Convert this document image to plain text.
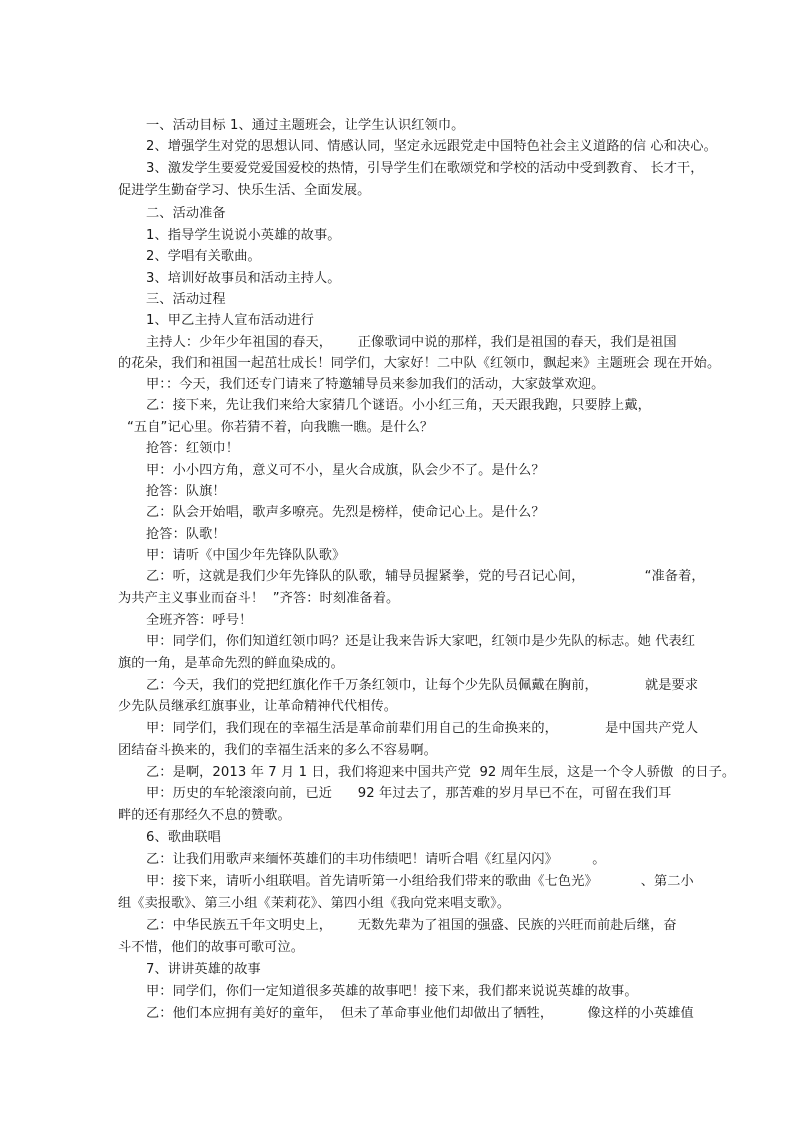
一、活动目标 1、通过主题班会，让学生认识红领巾。
2、增强学生对党的思想认同、情感认同，坚定永远跟党走中国特色社会主义道路的信 心和决心。
3、激发学生要爱党爱国爱校的热情，引导学生们在歌颂党和学校的活动中受到教育、 长才干，
促进学生勤奋学习、快乐生活、全面发展。
二、活动准备
1、指导学生说说小英雄的故事。
2、学唱有关歌曲。
3、培训好故事员和活动主持人。
三、活动过程
1、甲乙主持人宣布活动进行
主持人：少年少年祖国的春天，      正像歌词中说的那样，我们是祖国的春天，我们是祖国
的花朵，我们和祖国一起茁壮成长！同学们，大家好！二中队《红领巾，飘起来》主题班会 现在开始。
甲：：今天，我们还专门请来了特邀辅导员来参加我们的活动，大家鼓掌欢迎。
乙：接下来，先让我们来给大家猜几个谜语。小小红三角，天天跟我跑，只要脖上戴，
“五自”记心里。你若猜不着，向我瞧一瞧。是什么？
抢答：红领巾！
甲：小小四方角，意义可不小，星火合成旗，队会少不了。是什么？
抢答：队旗！
乙：队会开始唱，歌声多嘹亮。先烈是榜样，使命记心上。是什么？
抢答：队歌！
甲：请听《中国少年先锋队队歌》
乙：听，这就是我们少年先锋队的队歌，辅导员握紧拳，党的号召记心间，              “准备着，
为共产主义事业而奋斗！  ”齐答：时刻准备着。
全班齐答：呼号！
甲：同学们，你们知道红领巾吗？还是让我来告诉大家吧，红领巾是少先队的标志。她 代表红
旗的一角，是革命先烈的鲜血染成的。
乙：今天，我们的党把红旗化作千万条红领巾，让每个少先队员佩戴在胸前，           就是要求
少先队员继承红旗事业，让革命精神代代相传。
甲：同学们，我们现在的幸福生活是革命前辈们用自己的生命换来的，           是中国共产党人
团结奋斗换来的，我们的幸福生活来的多么不容易啊。
乙：是啊，2013 年 7 月 1 日，我们将迎来中国共产党  92 周年生辰，这是一个令人骄傲  的日子。
甲：历史的车轮滚滚向前，已近      92 年过去了，那苦难的岁月早已不在，可留在我们耳
畔的还有那经久不息的赞歌。
6、歌曲联唱
乙：让我们用歌声来缅怀英雄们的丰功伟绩吧！请听合唱《红星闪闪》        。
甲：接下来，请听小组联唱。首先请听第一小组给我们带来的歌曲《七色光》          、第二小
组《卖报歌》、第三小组《茉莉花》、第四小组《我向党来唱支歌》。
乙：中华民族五千年文明史上，      无数先辈为了祖国的强盛、民族的兴旺而前赴后继，奋
斗不惜，他们的故事可歌可泣。
7、讲讲英雄的故事
甲：同学们，你们一定知道很多英雄的故事吧！接下来，我们都来说说英雄的故事。
乙：他们本应拥有美好的童年，  但未了革命事业他们却做出了牺牲，        像这样的小英雄值
